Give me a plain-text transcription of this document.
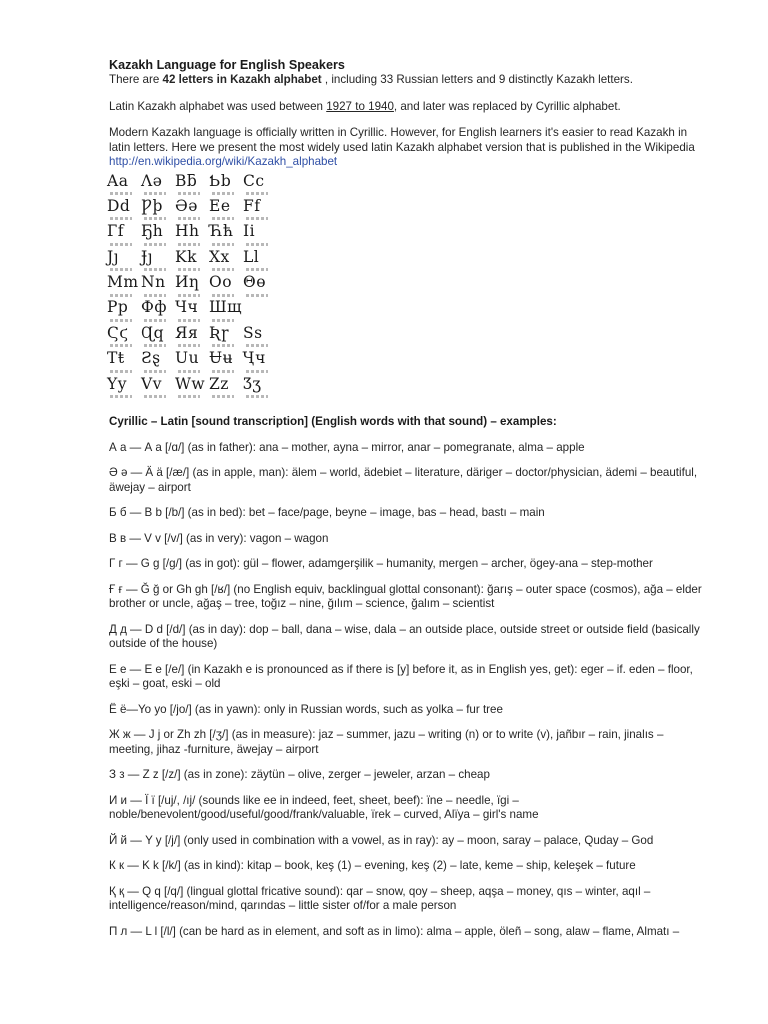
Kazakh Language for English Speakers

There are 42 letters in Kazakh alphabet , including 33 Russian letters and 9 distinctly Kazakh letters.

Latin Kazakh alphabet was used between 1927 to 1940, and later was replaced by Cyrillic alphabet.

Modern Kazakh language is officially written in Cyrillic. However, for English learners it's easier to read Kazakh in latin letters. Here we present the most widely used latin Kazakh alphabet version that is published in the Wikipedia

http://en.wikipedia.org/wiki/Kazakh_alphabet
Aa Ʌə Bƃ Ƅb Cc
Dd Ƿþ Əə Ee Ff
Гf	Ҕh Hh Ћћ Ii
Jȷ	Ɉȷ	Kk Xx Ll
Mm Nn Иƞ Oo Θө
Pp Фф Чч Шщ
Ϛϛ Ɋq Яя Ʀɼ Ss
Tŧ	Ƨȿ Uu Ʉʉ Ҷч
Yy Vv Ww Zz Ʒʒ

Cyrillic – Latin [sound transcription] (English words with that sound) – examples:

А а — А а [/ɑ/] (as in father): ana – mother, ayna – mirror, anar – pomegranate, alma – apple

Ә ә — Ä ä [/æ/] (as in apple, man): älem – world, ädebiet – literature, däriger – doctor/physician, ädemi – beautiful, äwejay – airport

Б б — B b [/b/] (as in bed): bet – face/page, beyne – image, bas – head, bastı – main

В в — V v [/v/] (as in very): vagon – wagon

Г г — G g [/g/] (as in got): gül – flower, adamgerşilik – humanity, mergen – archer, ögey-ana – step-mother

Ғ ғ — Ğ ğ or Gh gh [/ʁ/] (no English equiv, backlingual glottal consonant): ğarış – outer space (cosmos), ağa – elder brother or uncle, ağaş – tree, toğız – nine, ğılım – science, ğalım – scientist

Д д — D d [/d/] (as in day): dop – ball, dana – wise, dala – an outside place, outside street or outside field (basically outside of the house)

Е е — E e [/e/] (in Kazakh e is pronounced as if there is [y] before it, as in English yes, get): eger – if. eden – floor, eşki – goat, eski – old

Ё ё—Yo yo [/jo/] (as in yawn): only in Russian words, such as yolka – fur tree

Ж ж — J j or Zh zh [/ʒ/] (as in measure): jaz – summer, jazu – writing (n) or to write (v), jañbır – rain, jinalıs – meeting, jihaz -furniture, äwejay – airport

З з — Z z [/z/] (as in zone): zäytün – olive, zerger – jeweler, arzan – cheap

И и — Ï ï [/uj/, /ıj/ (sounds like ee in indeed, feet, sheet, beef): ïne – needle, ïgi – noble/benevolent/good/useful/good/frank/valuable, ïrek – curved, Alïya – girl's name

Й й — Y y [/j/] (only used in combination with a vowel, as in ray): ay – moon, saray – palace, Quday – God

К к — K k [/k/] (as in kind): kitap – book, keş (1) – evening, keş (2) – late, keme – ship, keleşek – future

Қ қ — Q q [/q/] (lingual glottal fricative sound): qar – snow, qoy – sheep, aqşa – money, qıs – winter, aqıl – intelligence/reason/mind, qarındas – little sister of/for a male person

П л — L l [/l/] (can be hard as in element, and soft as in limo): alma – apple, öleñ – song, alaw – flame, Almatı –
